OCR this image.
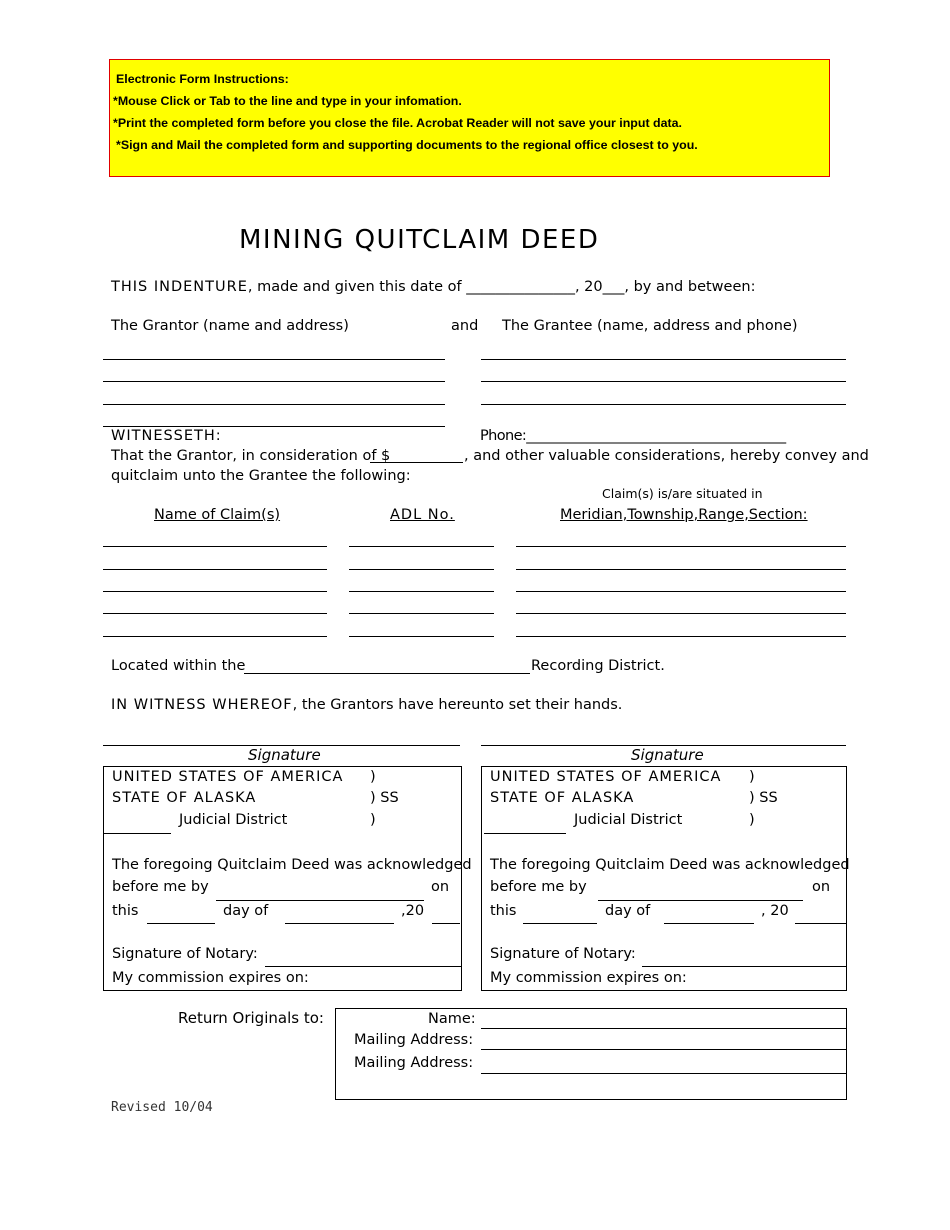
Electronic Form Instructions:
*Mouse Click or Tab to the line and type in your infomation.
*Print the completed form before you close the file. Acrobat Reader will not save your input data.
*Sign and Mail the completed form and supporting documents to the regional office closest to you.
MINING QUITCLAIM DEED
THIS INDENTURE, made and given this date of _______________, 20___, by and between:
The Grantor (name and address)	and The Grantee (name, address and phone)
WITNESSETH:	Phone:_______________________________________
That the Grantor, in consideration of $	, and other valuable considerations, hereby convey and
quitclaim unto the Grantee the following:
Claim(s) is/are situated in
Name of Claim(s)	ADL No.	Meridian,Township,Range,Section:
Located within the	Recording District.
IN WITNESS WHEREOF, the Grantors have hereunto set their hands.
Signature
UNITED STATES OF AMERICA )
STATE OF ALASKA	) SS
Judicial District	)
The foregoing Quitclaim Deed was acknowledged
before me by	on
this	day of	,20
Signature of Notary:
My commission expires on:
Signature
UNITED STATES OF AMERICA )
STATE OF ALASKA	) SS
Judicial District	)
The foregoing Quitclaim Deed was acknowledged
before me by	on
this	day of	, 20
Signature of Notary:
My commission expires on:
Return Originals to:	Name:
Mailing Address:
Mailing Address:
Revised 10/04
